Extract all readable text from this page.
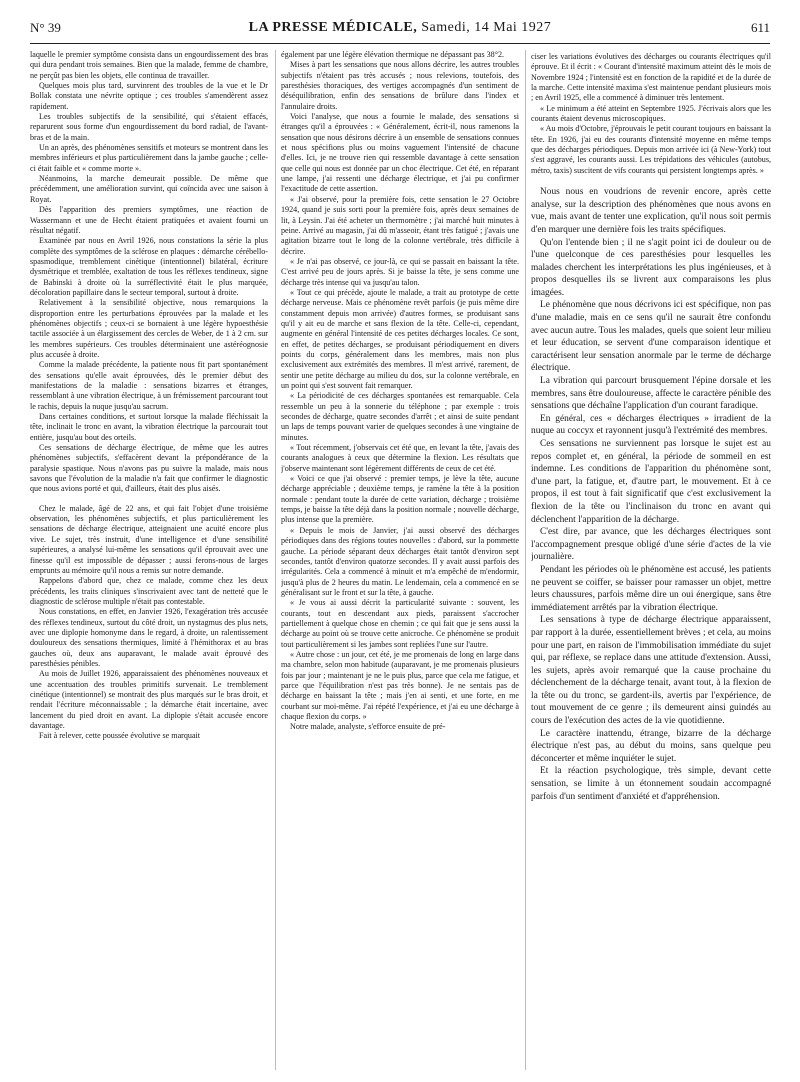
N° 39	LA PRESSE MÉDICALE, Samedi, 14 Mai 1927	611

laquelle le premier symptôme consista dans un engourdissement des bras qui dura pendant trois semaines. Bien que la malade, femme de chambre, ne perçût pas bien les objets, elle continua de travailler.

Quelques mois plus tard, survinrent des troubles de la vue et le Dr Bollak constata une névrite optique ; ces troubles s'amendèrent assez rapidement.

Les troubles subjectifs de la sensibilité, qui s'étaient effacés, reparurent sous forme d'un engourdissement du bord radial, de l'avant-bras et de la main.

Un an après, des phénomènes sensitifs et moteurs se montrent dans les membres inférieurs et plus particulièrement dans la jambe gauche ; celle-ci était faible et « comme morte ».

Néanmoins, la marche demeurait possible. De même que précédemment, une amélioration survint, qui coïncida avec une saison à Royat.

Dès l'apparition des premiers symptômes, une réaction de Wassermann et une de Hecht étaient pratiquées et avaient fourni un résultat négatif.

Examinée par nous en Avril 1926, nous constations la série la plus complète des symptômes de la sclérose en plaques : démarche cérébello-spasmodique, tremblement cinétique (intentionnel) bilatéral, écriture dysmétrique et tremblée, exaltation de tous les réflexes tendineux, signe de Babinski à droite où la surréflectivité était le plus marquée, décoloration papillaire dans le secteur temporal, surtout à droite.

Relativement à la sensibilité objective, nous remarquions la disproportion entre les perturbations éprouvées par la malade et les phénomènes objectifs ; ceux-ci se bornaient à une légère hypoesthésie tactile associée à un élargissement des cercles de Weber, de 1 à 2 cm. sur les membres supérieurs. Ces troubles déterminaient une astéréognosie plus accusée à droite.

Comme la malade précédente, la patiente nous fit part spontanément des sensations qu'elle avait éprouvées, dès le premier début des manifestations de la maladie : sensations bizarres et étranges, ressemblant à une vibration électrique, à un frémissement parcourant tout le rachis, depuis la nuque jusqu'au sacrum.

Dans certaines conditions, et surtout lorsque la malade fléchissait la tête, inclinait le tronc en avant, la vibration électrique la parcourait tout entière, jusqu'au bout des orteils.

Ces sensations de décharge électrique, de même que les autres phénomènes subjectifs, s'effacèrent devant la prépondérance de la paralysie spastique. Nous n'avons pas pu suivre la malade, mais nous savons que l'évolution de la maladie n'a fait que confirmer le diagnostic que nous avions porté et qui, d'ailleurs, était des plus aisés.

Chez le malade, âgé de 22 ans, et qui fait l'objet d'une troisième observation, les phénomènes subjectifs, et plus particulièrement les sensations de décharge électrique, atteignaient une acuité encore plus vive. Le sujet, très instruit, d'une intelligence et d'une sensibilité supérieures, a analysé lui-même les sensations qu'il éprouvait avec une finesse qu'il est impossible de dépasser ; aussi ferons-nous de larges emprunts au mémoire qu'il nous a remis sur notre demande.

Rappelons d'abord que, chez ce malade, comme chez les deux précédents, les traits cliniques s'inscrivaient avec tant de netteté que le diagnostic de sclérose multiple n'était pas contestable.

Nous constations, en effet, en Janvier 1926, l'exagération très accusée des réflexes tendineux, surtout du côté droit, un nystagmus des plus nets, avec une diplopie homonyme dans le regard, à droite, un ralentissement douloureux des sensations thermiques, limité à l'hémithorax et au bras gauches où, deux ans auparavant, le malade avait éprouvé des paresthésies pénibles.

Au mois de Juillet 1926, apparaissaient des phénomènes nouveaux et une accentuation des troubles primitifs survenait. Le tremblement cinétique (intentionnel) se montrait des plus marqués sur le bras droit, et rendait l'écriture méconnaissable ; la démarche était incertaine, avec lancement du pied droit en avant. La diplopie s'était accusée encore davantage.

Fait à relever, cette poussée évolutive se marquait

également par une légère élévation thermique ne dépassant pas 38°2.

Mises à part les sensations que nous allons décrire, les autres troubles subjectifs n'étaient pas très accusés ; nous relevions, toutefois, des paresthésies thoraciques, des vertiges accompagnés d'un sentiment de déséquilibration, enfin des sensations de brûlure dans l'index et l'annulaire droits.

Voici l'analyse, que nous a fournie le malade, des sensations si étranges qu'il a éprouvées : « Généralement, écrit-il, nous ramenons la sensation que nous désirons décrire à un ensemble de sensations connues et nous spécifions plus ou moins vaguement l'intensité de chacune d'elles. Ici, je ne trouve rien qui ressemble davantage à cette sensation que celle qui nous est donnée par un choc électrique. Cet été, en réparant une lampe, j'ai ressenti une décharge électrique, et j'ai pu confirmer l'exactitude de cette assertion.

« J'ai observé, pour la première fois, cette sensation le 27 Octobre 1924, quand je suis sorti pour la première fois, après deux semaines de lit, à Leysin. J'ai été acheter un thermomètre ; j'ai marché huit minutes à peine. Arrivé au magasin, j'ai dû m'asseoir, étant très fatigué ; j'avais une agitation bizarre tout le long de la colonne vertébrale, très difficile à décrire.

« Je n'ai pas observé, ce jour-là, ce qui se passait en baissant la tête. C'est arrivé peu de jours après. Si je baisse la tête, je sens comme une décharge très intense qui va jusqu'au talon.

« Tout ce qui précède, ajoute le malade, a trait au prototype de cette décharge nerveuse. Mais ce phénomène revêt parfois (je puis même dire constamment depuis mon arrivée) d'autres formes, se produisant sans qu'il y ait eu de marche et sans flexion de la tête. Celle-ci, cependant, augmente en général l'intensité de ces petites décharges locales. Ce sont, en effet, de petites décharges, se produisant périodiquement en divers points du corps, généralement dans les membres, mais non plus exclusivement aux extrémités des membres. Il m'est arrivé, rarement, de sentir une petite décharge au milieu du dos, sur la colonne vertébrale, en un point qui s'est souvent fait remarquer.

« La périodicité de ces décharges spontanées est remarquable. Cela ressemble un peu à la sonnerie du téléphone ; par exemple : trois secondes de décharge, quatre secondes d'arrêt ; et ainsi de suite pendant un laps de temps pouvant varier de quelques secondes à une vingtaine de minutes.

« Tout récemment, j'observais cet été que, en levant la tête, j'avais des courants analogues à ceux que détermine la flexion. Les résultats que j'observe maintenant sont légèrement différents de ceux de cet été.

« Voici ce que j'ai observé : premier temps, je lève la tête, aucune décharge appréciable ; deuxième temps, je ramène la tête à la position normale : pendant toute la durée de cette variation, décharge ; troisième temps, je baisse la tête déjà dans la position normale ; nouvelle décharge, plus intense que la première.

« Depuis le mois de Janvier, j'ai aussi observé des décharges périodiques dans des régions toutes nouvelles : d'abord, sur la pommette gauche. La période séparant deux décharges était tantôt d'environ sept secondes, tantôt d'environ quatorze secondes. Il y avait aussi parfois des irrégularités. Cela a commencé à minuit et m'a empêché de m'endormir, jusqu'à plus de 2 heures du matin. Le lendemain, cela a commencé en se généralisant sur le front et sur la tête, à gauche.

« Je vous ai aussi décrit la particularité suivante : souvent, les courants, tout en descendant aux pieds, paraissent s'accrocher partiellement à quelque chose en chemin ; ce qui fait que je sens aussi la décharge au point où se trouve cette anicroche. Ce phénomène se produit tout particulièrement si les jambes sont repliées l'une sur l'autre.

« Autre chose : un jour, cet été, je me promenais de long en large dans ma chambre, selon mon habitude (auparavant, je me promenais plusieurs fois par jour ; maintenant je ne le puis plus, parce que cela me fatigue, et parce que l'équilibration n'est pas très bonne). Je ne sentais pas de décharge en baissant la tête ; mais j'en ai senti, et une forte, en me courbant sur moi-même. J'ai répété l'expérience, et j'ai eu une décharge à chaque flexion du corps. »

Notre malade, analyste, s'efforce ensuite de pré-

ciser les variations évolutives des décharges ou courants électriques qu'il éprouve. Et il écrit : « Courant d'intensité maximum atteint dès le mois de Novembre 1924 ; l'intensité est en fonction de la rapidité et de la durée de la marche. Cette intensité maxima s'est maintenue pendant plusieurs mois ; en Avril 1925, elle a commencé à diminuer très lentement.

« Le minimum a été atteint en Septembre 1925. J'écrivais alors que les courants étaient devenus microscopiques.

« Au mois d'Octobre, j'éprouvais le petit courant toujours en baissant la tête. En 1926, j'ai eu des courants d'intensité moyenne en même temps que des décharges périodiques. Depuis mon arrivée ici (à New-York) tout s'est aggravé, les courants aussi. Les trépidations des véhicules (autobus, métro, taxis) suscitent de vifs courants qui persistent longtemps après. »

Nous nous en voudrions de revenir encore, après cette analyse, sur la description des phénomènes que nous avons en vue, mais avant de tenter une explication, qu'il nous soit permis d'en marquer une dernière fois les traits spécifiques.

Qu'on l'entende bien ; il ne s'agit point ici de douleur ou de l'une quelconque de ces paresthésies pour lesquelles les malades cherchent les interprétations les plus ingénieuses, et à propos desquelles ils se livrent aux comparaisons les plus imagées.

Le phénomène que nous décrivons ici est spécifique, non pas d'une maladie, mais en ce sens qu'il ne saurait être confondu avec aucun autre. Tous les malades, quels que soient leur milieu et leur éducation, se servent d'une comparaison identique et caractérisent leur sensation anormale par le terme de décharge électrique.

La vibration qui parcourt brusquement l'épine dorsale et les membres, sans être douloureuse, affecte le caractère pénible des sensations que déchaîne l'application d'un courant faradique.

En général, ces « décharges électriques » irradient de la nuque au coccyx et rayonnent jusqu'à l'extrémité des membres.

Ces sensations ne surviennent pas lorsque le sujet est au repos complet et, en général, la période de sommeil en est indemne. Les conditions de l'apparition du phénomène sont, d'une part, la fatigue, et, d'autre part, le mouvement. Et à ce propos, il est tout à fait significatif que c'est exclusivement la flexion de la tête ou l'inclinaison du tronc en avant qui déclenchent l'apparition de la décharge.

C'est dire, par avance, que les décharges électriques sont l'accompagnement presque obligé d'une série d'actes de la vie journalière.

Pendant les périodes où le phénomène est accusé, les patients ne peuvent se coiffer, se baisser pour ramasser un objet, mettre leurs chaussures, parfois même dire un oui énergique, sans être immédiatement arrêtés par la vibration électrique.

Les sensations à type de décharge électrique apparaissent, par rapport à la durée, essentiellement brèves ; et cela, au moins pour une part, en raison de l'immobilisation immédiate du sujet qui, par réflexe, se replace dans une attitude d'extension. Aussi, les sujets, après avoir remarqué que la cause prochaine du déclenchement de la décharge tenait, avant tout, à la flexion de la tête ou du tronc, se gardent-ils, avertis par l'expérience, de tout mouvement de ce genre ; ils demeurent ainsi guindés au cours de l'exécution des actes de la vie quotidienne.

Le caractère inattendu, étrange, bizarre de la décharge électrique n'est pas, au début du moins, sans quelque peu déconcerter et même inquiéter le sujet.

Et la réaction psychologique, très simple, devant cette sensation, se limite à un étonnement soudain accompagné parfois d'un sentiment d'anxiété et d'appréhension.
